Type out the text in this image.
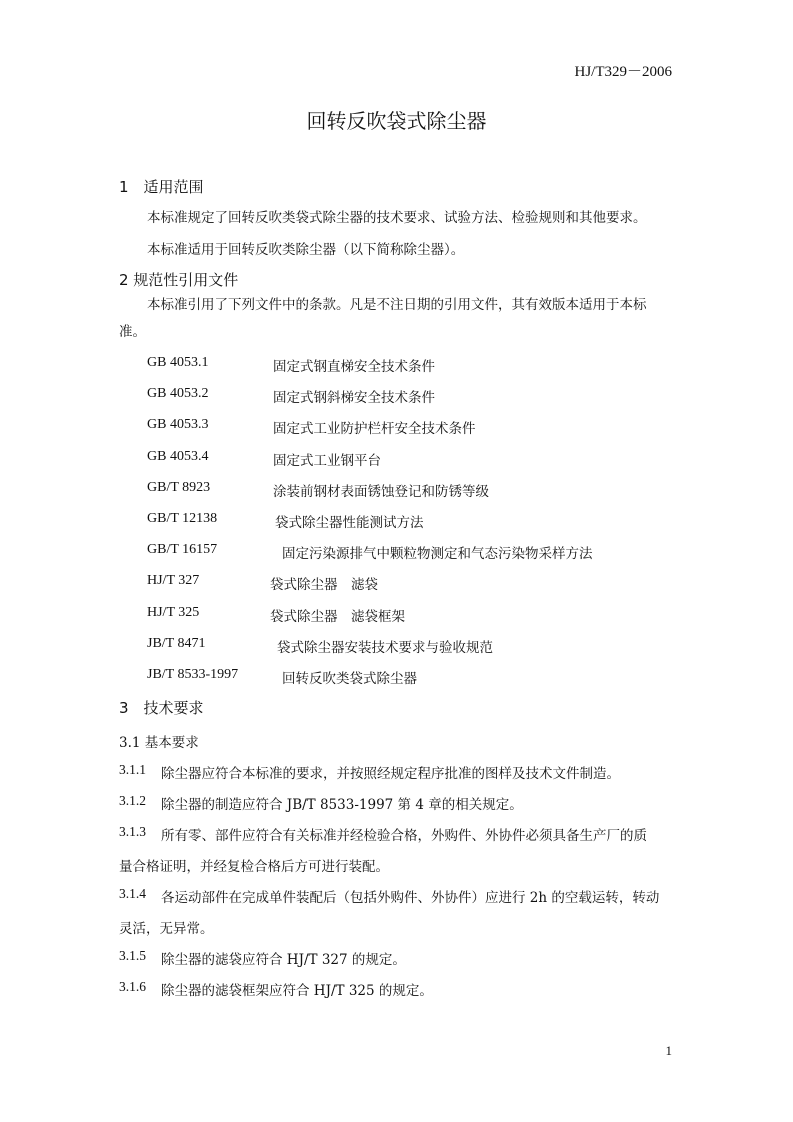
HJ/T329－2006
回转反吹袋式除尘器
1　适用范围
本标准规定了回转反吹类袋式除尘器的技术要求、试验方法、检验规则和其他要求。
本标准适用于回转反吹类除尘器（以下简称除尘器）。
2 规范性引用文件
本标准引用了下列文件中的条款。凡是不注日期的引用文件，其有效版本适用于本标
准。
GB 4053.1	固定式钢直梯安全技术条件
GB 4053.2	固定式钢斜梯安全技术条件
GB 4053.3	固定式工业防护栏杆安全技术条件
GB 4053.4	固定式工业钢平台
GB/T 8923	涂装前钢材表面锈蚀登记和防锈等级
GB/T 12138	袋式除尘器性能测试方法
GB/T 16157	固定污染源排气中颗粒物测定和气态污染物采样方法
HJ/T 327	袋式除尘器　滤袋
HJ/T 325	袋式除尘器　滤袋框架
JB/T 8471	袋式除尘器安装技术要求与验收规范
JB/T 8533-1997	回转反吹类袋式除尘器
3　技术要求
3.1 基本要求
3.1.1 除尘器应符合本标准的要求，并按照经规定程序批准的图样及技术文件制造。
3.1.2 除尘器的制造应符合 JB/T 8533-1997 第 4 章的相关规定。
3.1.3 所有零、部件应符合有关标准并经检验合格，外购件、外协件必须具备生产厂的质
量合格证明，并经复检合格后方可进行装配。
3.1.4 各运动部件在完成单件装配后（包括外购件、外协件）应进行 2h 的空载运转，转动
灵活，无异常。
3.1.5 除尘器的滤袋应符合 HJ/T 327 的规定。
3.1.6 除尘器的滤袋框架应符合 HJ/T 325 的规定。
1
